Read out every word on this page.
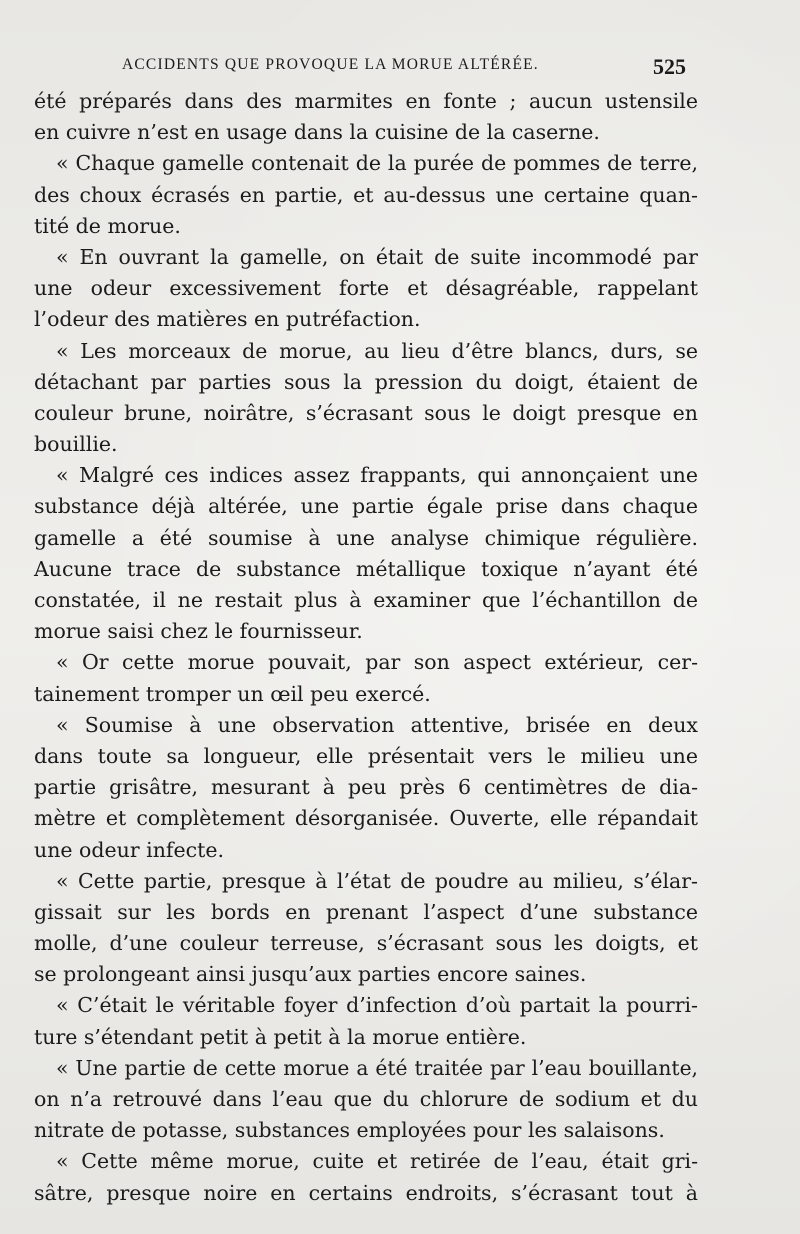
ACCIDENTS QUE PROVOQUE LA MORUE ALTÉRÉE.	525
été préparés dans des marmites en fonte ; aucun ustensile
en cuivre n’est en usage dans la cuisine de la caserne.
« Chaque gamelle contenait de la purée de pommes de terre,
des choux écrasés en partie, et au-dessus une certaine quan-
tité de morue.
« En ouvrant la gamelle, on était de suite incommodé par
une odeur excessivement forte et désagréable, rappelant
l’odeur des matières en putréfaction.
« Les morceaux de morue, au lieu d’être blancs, durs, se
détachant par parties sous la pression du doigt, étaient de
couleur brune, noirâtre, s’écrasant sous le doigt presque en
bouillie.
« Malgré ces indices assez frappants, qui annonçaient une
substance déjà altérée, une partie égale prise dans chaque
gamelle a été soumise à une analyse chimique régulière.
Aucune trace de substance métallique toxique n’ayant été
constatée, il ne restait plus à examiner que l’échantillon de
morue saisi chez le fournisseur.
« Or cette morue pouvait, par son aspect extérieur, cer-
tainement tromper un œil peu exercé.
« Soumise à une observation attentive, brisée en deux
dans toute sa longueur, elle présentait vers le milieu une
partie grisâtre, mesurant à peu près 6 centimètres de dia-
mètre et complètement désorganisée. Ouverte, elle répandait
une odeur infecte.
« Cette partie, presque à l’état de poudre au milieu, s’élar-
gissait sur les bords en prenant l’aspect d’une substance
molle, d’une couleur terreuse, s’écrasant sous les doigts, et
se prolongeant ainsi jusqu’aux parties encore saines.
« C’était le véritable foyer d’infection d’où partait la pourri-
ture s’étendant petit à petit à la morue entière.
« Une partie de cette morue a été traitée par l’eau bouillante,
on n’a retrouvé dans l’eau que du chlorure de sodium et du
nitrate de potasse, substances employées pour les salaisons.
« Cette même morue, cuite et retirée de l’eau, était gri-
sâtre, presque noire en certains endroits, s’écrasant tout à
